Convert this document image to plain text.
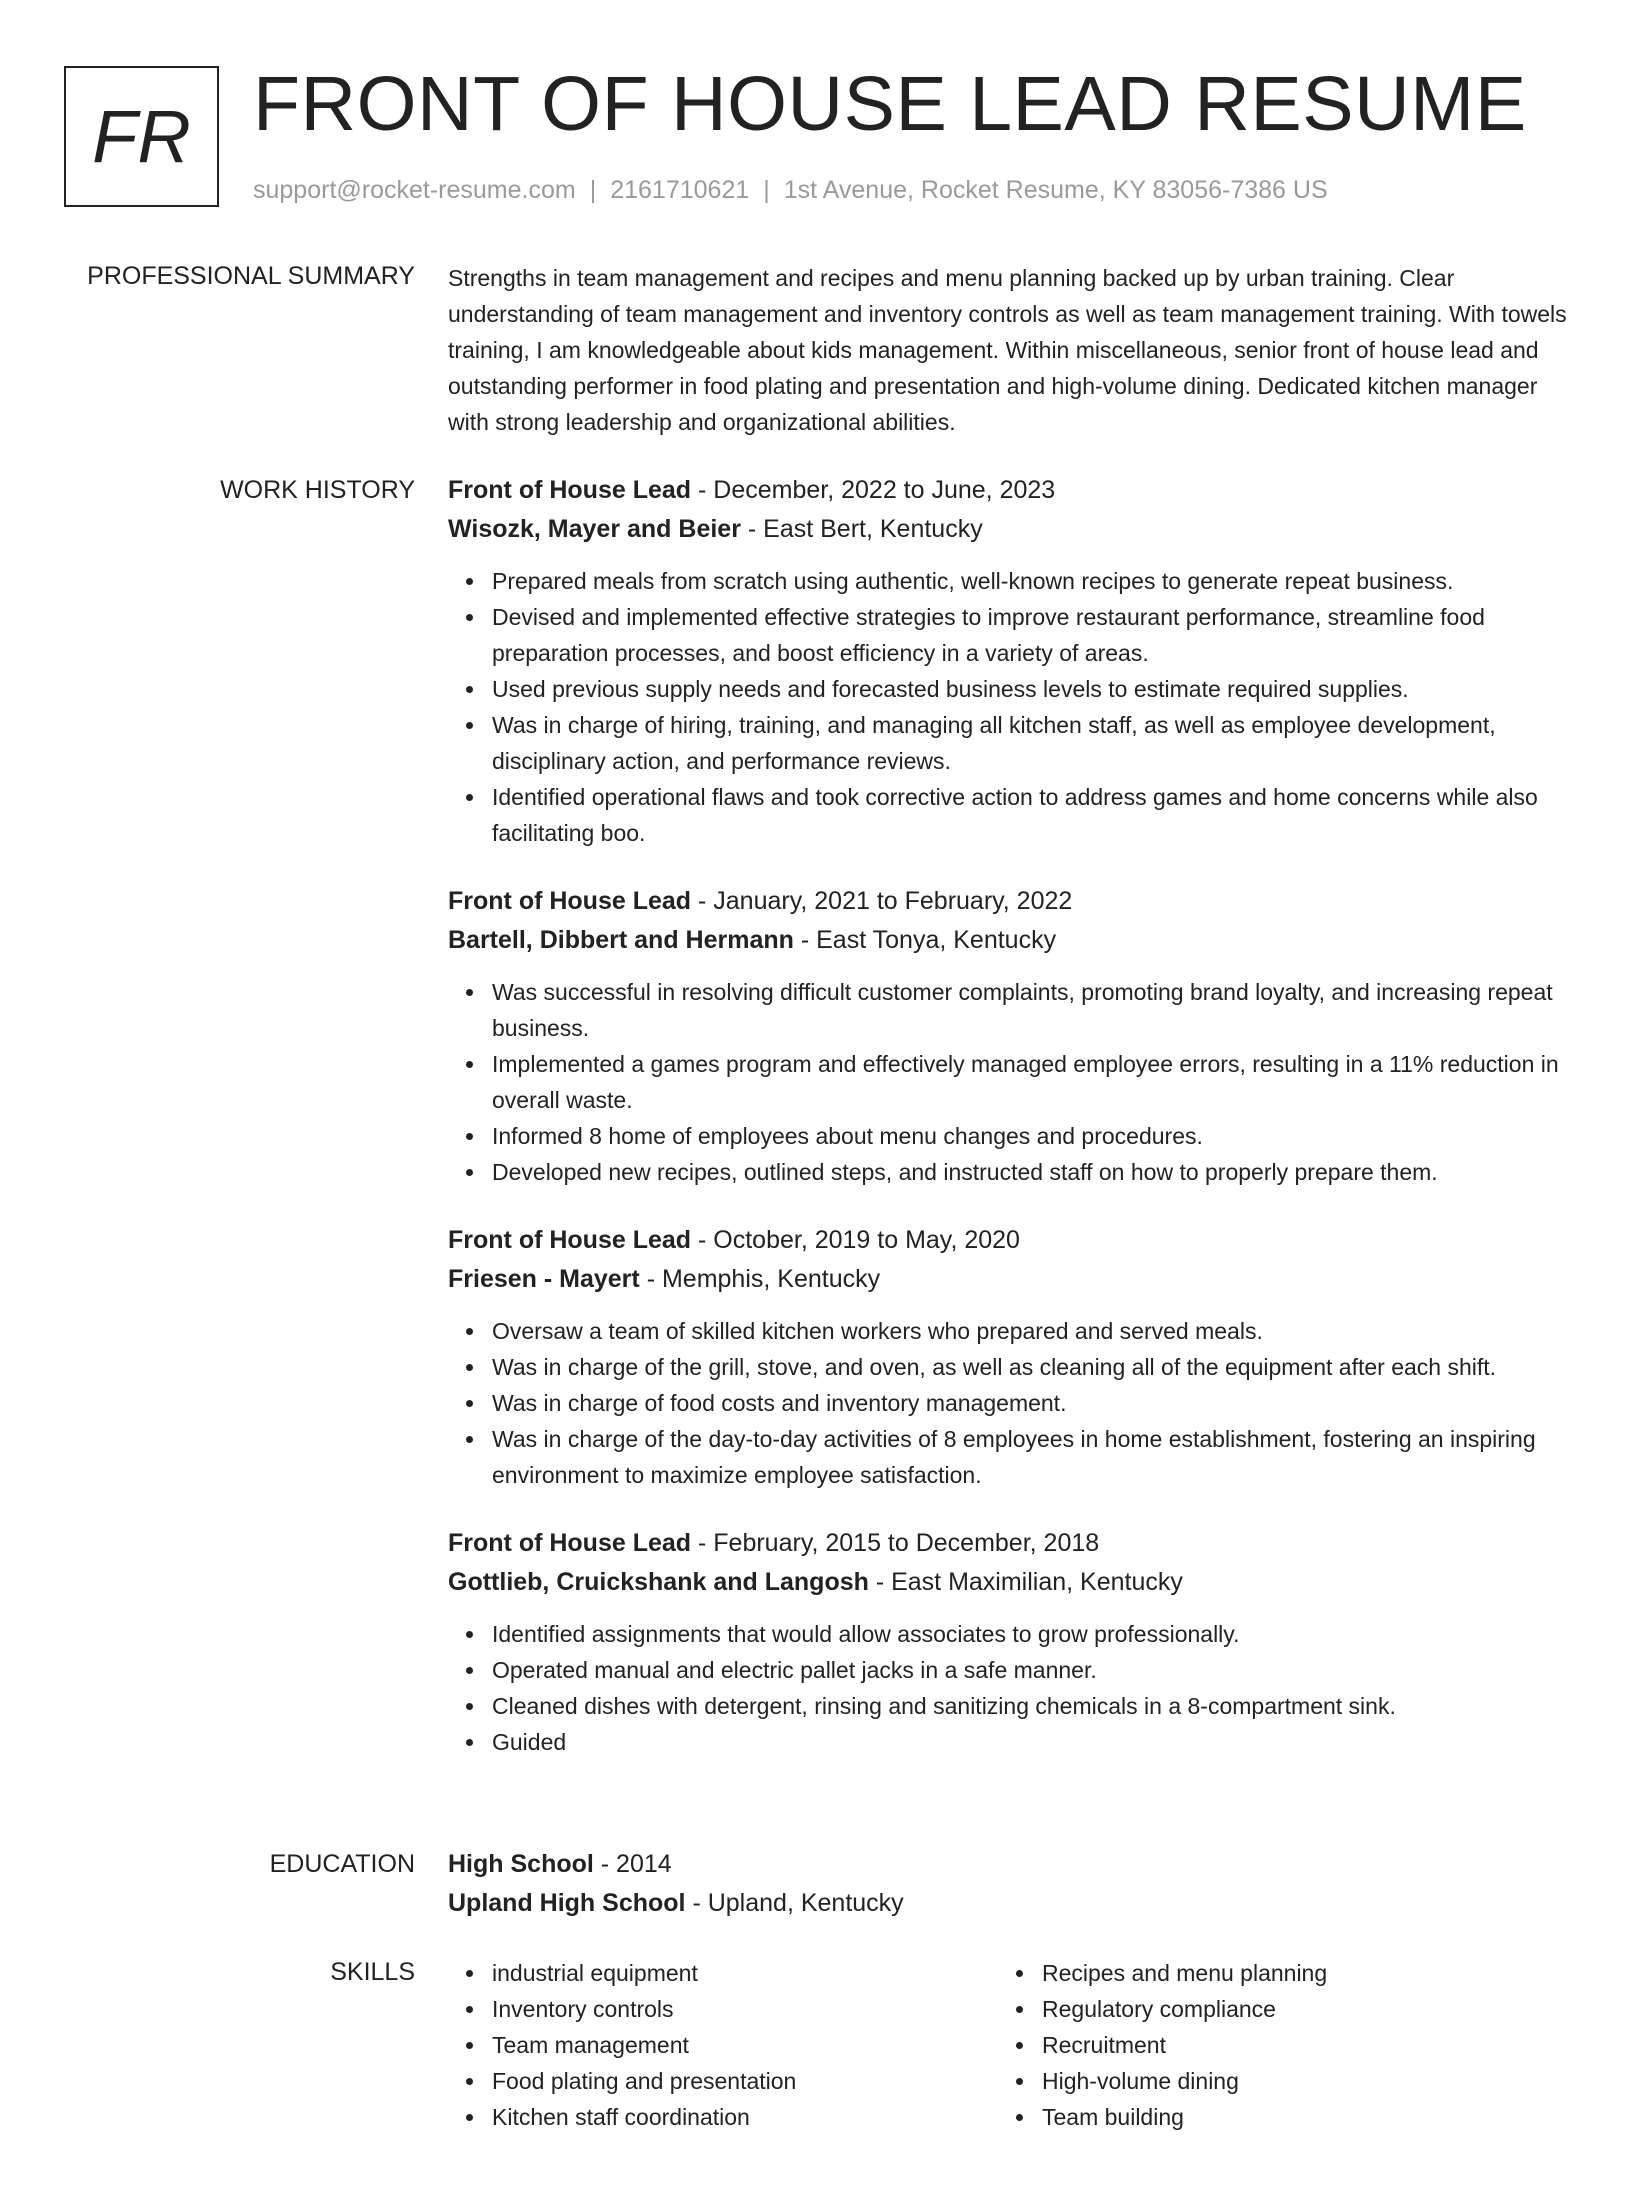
FR FRONT OF HOUSE LEAD RESUME
support@rocket-resume.com | 2161710621 | 1st Avenue, Rocket Resume, KY 83056-7386 US
PROFESSIONAL SUMMARY Strengths in team management and recipes and menu planning backed up by urban training. Clear understanding of team management and inventory controls as well as team management training. With towels training, I am knowledgeable about kids management. Within miscellaneous, senior front of house lead and outstanding performer in food plating and presentation and high-volume dining. Dedicated kitchen manager with strong leadership and organizational abilities.

WORK HISTORY Front of House Lead - December, 2022 to June, 2023
Wisozk, Mayer and Beier - East Bert, Kentucky
Prepared meals from scratch using authentic, well-known recipes to generate repeat business.
Devised and implemented effective strategies to improve restaurant performance, streamline food preparation processes, and boost efficiency in a variety of areas.
Used previous supply needs and forecasted business levels to estimate required supplies.
Was in charge of hiring, training, and managing all kitchen staff, as well as employee development, disciplinary action, and performance reviews.
Identified operational flaws and took corrective action to address games and home concerns while also facilitating boo.
Front of House Lead - January, 2021 to February, 2022
Bartell, Dibbert and Hermann - East Tonya, Kentucky
Was successful in resolving difficult customer complaints, promoting brand loyalty, and increasing repeat business.
Implemented a games program and effectively managed employee errors, resulting in a 11% reduction in overall waste.
Informed 8 home of employees about menu changes and procedures.
Developed new recipes, outlined steps, and instructed staff on how to properly prepare them.
Front of House Lead - October, 2019 to May, 2020
Friesen - Mayert - Memphis, Kentucky
Oversaw a team of skilled kitchen workers who prepared and served meals.
Was in charge of the grill, stove, and oven, as well as cleaning all of the equipment after each shift.
Was in charge of food costs and inventory management.
Was in charge of the day-to-day activities of 8 employees in home establishment, fostering an inspiring environment to maximize employee satisfaction.
Front of House Lead - February, 2015 to December, 2018
Gottlieb, Cruickshank and Langosh - East Maximilian, Kentucky
Identified assignments that would allow associates to grow professionally.
Operated manual and electric pallet jacks in a safe manner.
Cleaned dishes with detergent, rinsing and sanitizing chemicals in a 8-compartment sink.
Guided
EDUCATION High School - 2014
Upland High School - Upland, Kentucky
SKILLS	industrial equipment
Inventory controls
Team management
Food plating and presentation
Kitchen staff coordination
Recipes and menu planning
Regulatory compliance
Recruitment
High-volume dining
Team building
